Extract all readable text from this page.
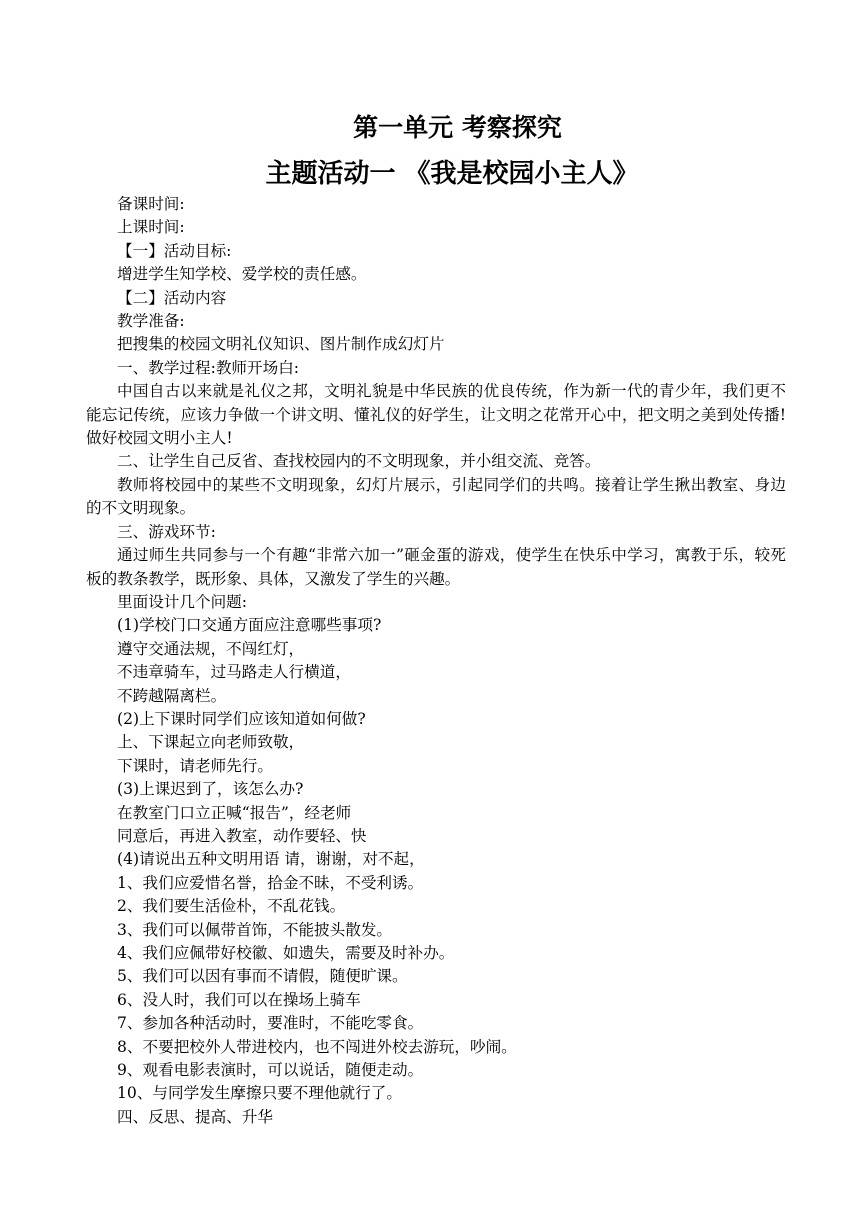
第一单元 考察探究
主题活动一 《我是校园小主人》

备课时间:

上课时间:

【一】活动目标:

增进学生知学校、爱学校的责任感。

【二】活动内容

教学准备:

把搜集的校园文明礼仪知识、图片制作成幻灯片

一、教学过程:教师开场白:

中国自古以来就是礼仪之邦，文明礼貌是中华民族的优良传统，作为新一代的青少年，我们更不能忘记传统，应该力争做一个讲文明、懂礼仪的好学生，让文明之花常开心中，把文明之美到处传播!做好校园文明小主人!

二、让学生自己反省、查找校园内的不文明现象，并小组交流、竞答。

教师将校园中的某些不文明现象，幻灯片展示，引起同学们的共鸣。接着让学生揪出教室、身边的不文明现象。

三、游戏环节:

通过师生共同参与一个有趣“非常六加一”砸金蛋的游戏，使学生在快乐中学习，寓教于乐，较死板的教条教学，既形象、具体，又激发了学生的兴趣。

里面设计几个问题:

(1)学校门口交通方面应注意哪些事项?

遵守交通法规，不闯红灯，

不违章骑车，过马路走人行横道，

不跨越隔离栏。

(2)上下课时同学们应该知道如何做?

上、下课起立向老师致敬，

下课时，请老师先行。

(3)上课迟到了，该怎么办?

在教室门口立正喊“报告”，经老师

同意后，再进入教室，动作要轻、快

(4)请说出五种文明用语 请，谢谢，对不起，

1、我们应爱惜名誉，拾金不昧，不受利诱。

2、我们要生活俭朴，不乱花钱。

3、我们可以佩带首饰，不能披头散发。

4、我们应佩带好校徽、如遗失，需要及时补办。

5、我们可以因有事而不请假，随便旷课。

6、没人时，我们可以在操场上骑车

7、参加各种活动时，要准时，不能吃零食。

8、不要把校外人带进校内，也不闯进外校去游玩，吵闹。

9、观看电影表演时，可以说话，随便走动。

10、与同学发生摩擦只要不理他就行了。

四、反思、提高、升华
